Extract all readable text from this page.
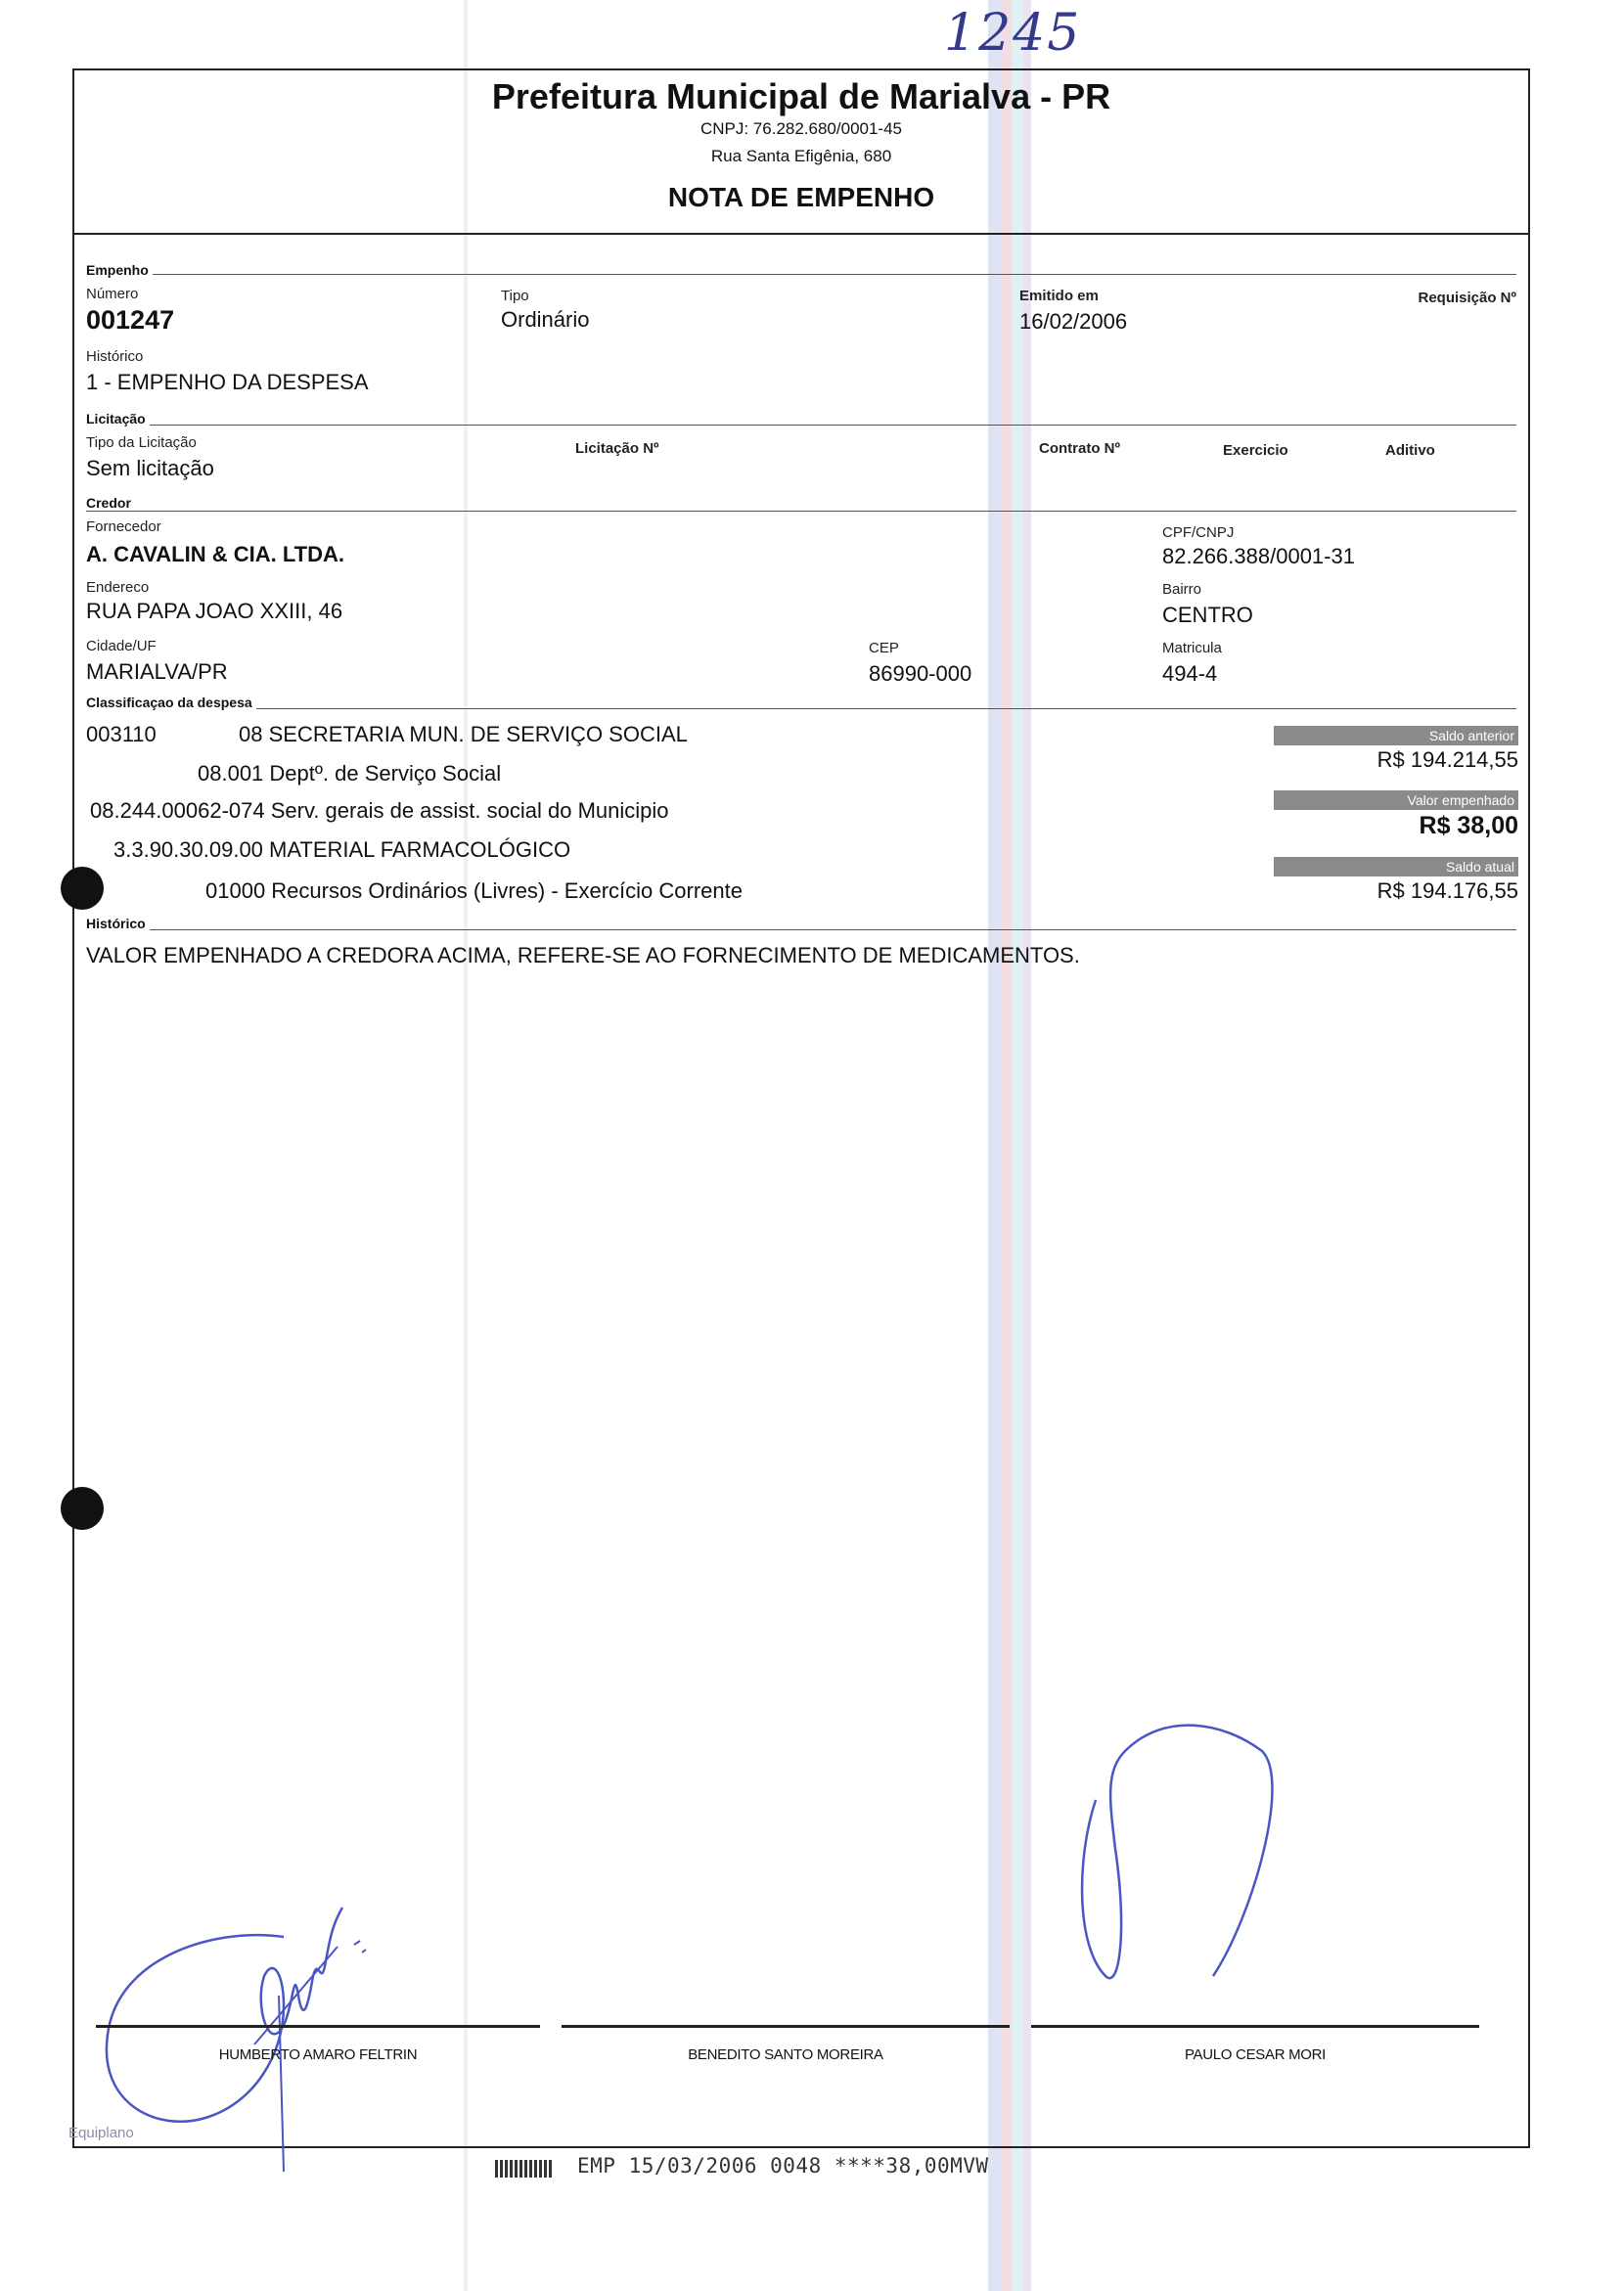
1245
Prefeitura Municipal de Marialva - PR
CNPJ: 76.282.680/0001-45
Rua Santa Efigênia, 680
NOTA DE EMPENHO
Empenho
Número
001247
Tipo
Ordinário
Emitido em
16/02/2006
Requisição Nº
Histórico
1 - EMPENHO DA DESPESA
Licitação
Tipo da Licitação
Sem licitação
Licitação Nº	Contrato Nº	Exercicio	Aditivo
Credor
Fornecedor
A. CAVALIN & CIA. LTDA.
CPF/CNPJ
82.266.388/0001-31
Endereco
RUA PAPA JOAO XXIII, 46
Bairro
CENTRO
Cidade/UF
MARIALVA/PR
CEP
86990-000
Matricula
494-4
Classificaçao da despesa
003110	08 SECRETARIA MUN. DE SERVIÇO SOCIAL
08.001 Deptº. de Serviço Social
08.244.00062-074 Serv. gerais de assist. social do Municipio
3.3.90.30.09.00 MATERIAL FARMACOLÓGICO
01000 Recursos Ordinários (Livres) - Exercício Corrente
Saldo anterior
R$ 194.214,55
Valor empenhado
R$ 38,00
Saldo atual
R$ 194.176,55
Histórico
VALOR EMPENHADO A CREDORA ACIMA, REFERE-SE AO FORNECIMENTO DE MEDICAMENTOS.
HUMBERTO AMARO FELTRIN	BENEDITO SANTO MOREIRA	PAULO CESAR MORI
Equiplano
EMP 15/03/2006 0048 ****38,00MVW
